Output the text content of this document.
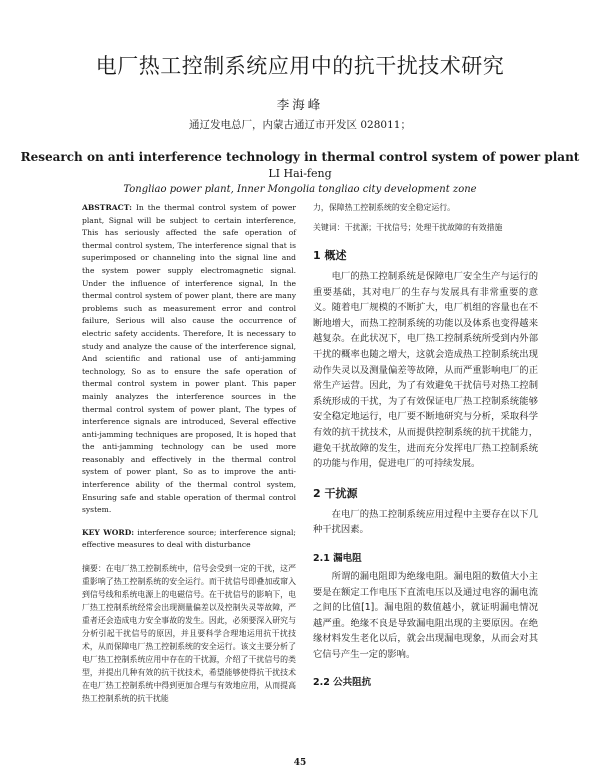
电厂热工控制系统应用中的抗干扰技术研究
李海峰
通辽发电总厂，内蒙古通辽市开发区 028011；
Research on anti interference technology in thermal control system of power plant
LI Hai-feng
Tongliao power plant, Inner Mongolia tongliao city development zone

ABSTRACT: In the thermal control system of power plant, Signal will be subject to certain interference, This has seriously affected the safe operation of thermal control system, The interference signal that is superimposed or channeling into the signal line and the system power supply electromagnetic signal. Under the influence of interference signal, In the thermal control system of power plant, there are many problems such as measurement error and control failure, Serious will also cause the occurrence of electric safety accidents. Therefore, It is necessary to study and analyze the cause of the interference signal, And scientific and rational use of anti-jamming technology, So as to ensure the safe operation of thermal control system in power plant. This paper mainly analyzes the interference sources in the thermal control system of power plant, The types of interference signals are introduced, Several effective anti-jamming techniques are proposed, It is hoped that the anti-jamming technology can be used more reasonably and effectively in the thermal control system of power plant, So as to improve the anti-interference ability of the thermal control system, Ensuring safe and stable operation of thermal control system.

KEY WORD: interference source; interference signal; effective measures to deal with disturbance

摘要：在电厂热工控制系统中，信号会受到一定的干扰，这严重影响了热工控制系统的安全运行。而干扰信号即叠加或窜入到信号线和系统电源上的电磁信号。在干扰信号的影响下，电厂热工控制系统经常会出现测量偏差以及控制失灵等故障，严重者还会造成电力安全事故的发生。因此，必须要深入研究与分析引起干扰信号的原因，并且要科学合理地运用抗干扰技术，从而保障电厂热工控制系统的安全运行。该文主要分析了电厂热工控制系统应用中存在的干扰源，介绍了干扰信号的类型，并提出几种有效的抗干扰技术，希望能够使得抗干扰技术在电厂热工控制系统中得到更加合理与有效地应用，从而提高热工控制系统的抗干扰能

力，保障热工控制系统的安全稳定运行。

关键词：干扰源；干扰信号；处理干扰故障的有效措施

1 概述

电厂的热工控制系统是保障电厂安全生产与运行的重要基础，其对电厂的生存与发展具有非常重要的意义。随着电厂规模的不断扩大，电厂机组的容量也在不断地增大，而热工控制系统的功能以及体系也变得越来越复杂。在此状况下，电厂热工控制系统所受到内外部干扰的概率也随之增大，这就会造成热工控制系统出现动作失灵以及测量偏差等故障，从而严重影响电厂的正常生产运营。因此，为了有效避免干扰信号对热工控制系统形成的干扰，为了有效保证电厂热工控制系统能够安全稳定地运行，电厂要不断地研究与分析，采取科学有效的抗干扰技术，从而提供控制系统的抗干扰能力，避免干扰故障的发生，进而充分发挥电厂热工控制系统的功能与作用，促进电厂的可持续发展。

2 干扰源

在电厂的热工控制系统应用过程中主要存在以下几种干扰因素。

2.1 漏电阻

所谓的漏电阻即为绝缘电阻。漏电阻的数值大小主要是在额定工作电压下直流电压以及通过电容的漏电流之间的比值[1]。漏电阻的数值越小，就证明漏电情况越严重。绝缘不良是导致漏电阻出现的主要原因。在绝缘材料发生老化以后，就会出现漏电现象，从而会对其它信号产生一定的影响。

2.2 公共阻抗
45
